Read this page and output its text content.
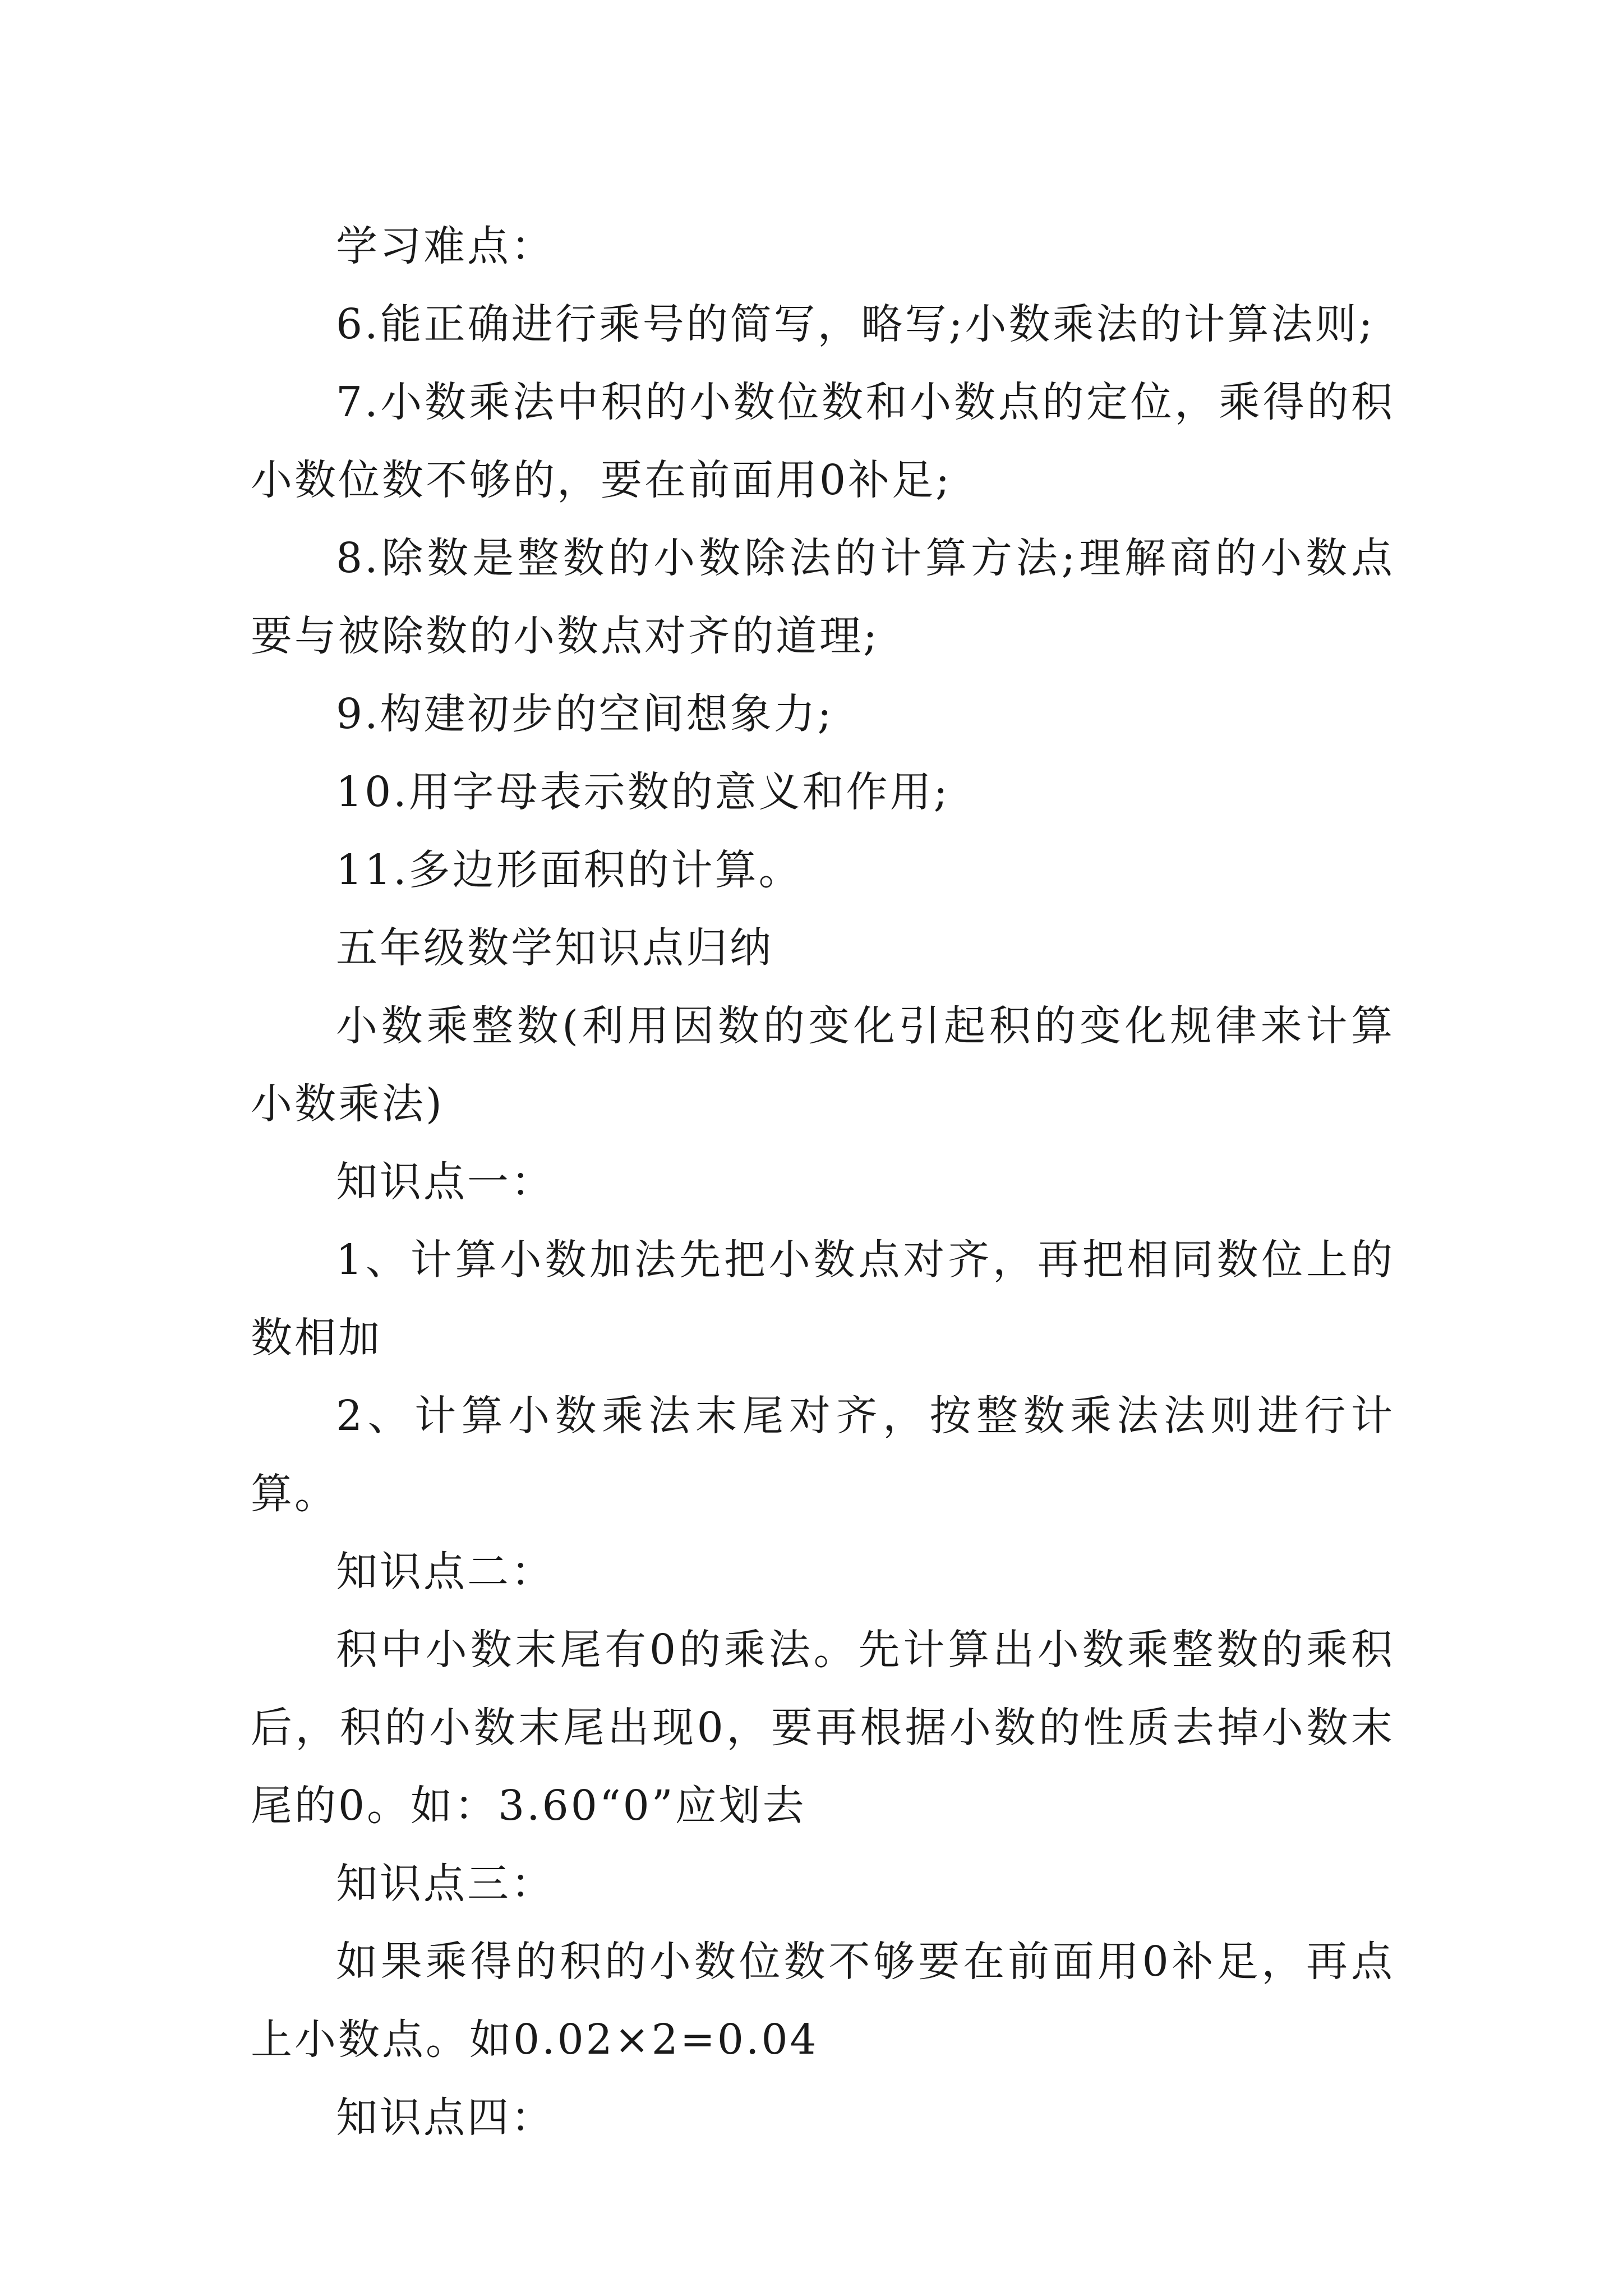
学习难点：

6.能正确进行乘号的简写，略写;小数乘法的计算法则;

7.小数乘法中积的小数位数和小数点的定位，乘得的积小数位数不够的，要在前面用0补足;

8.除数是整数的小数除法的计算方法;理解商的小数点要与被除数的小数点对齐的道理;

9.构建初步的空间想象力;

10.用字母表示数的意义和作用;

11.多边形面积的计算。

五年级数学知识点归纳

小数乘整数(利用因数的变化引起积的变化规律来计算小数乘法)

知识点一：

1、计算小数加法先把小数点对齐，再把相同数位上的数相加

2、计算小数乘法末尾对齐，按整数乘法法则进行计算。

知识点二：

积中小数末尾有0的乘法。先计算出小数乘整数的乘积后，积的小数末尾出现0，要再根据小数的性质去掉小数末尾的0。如：3.60“0”应划去

知识点三：

如果乘得的积的小数位数不够要在前面用0补足，再点上小数点。如0.02×2=0.04

知识点四：
